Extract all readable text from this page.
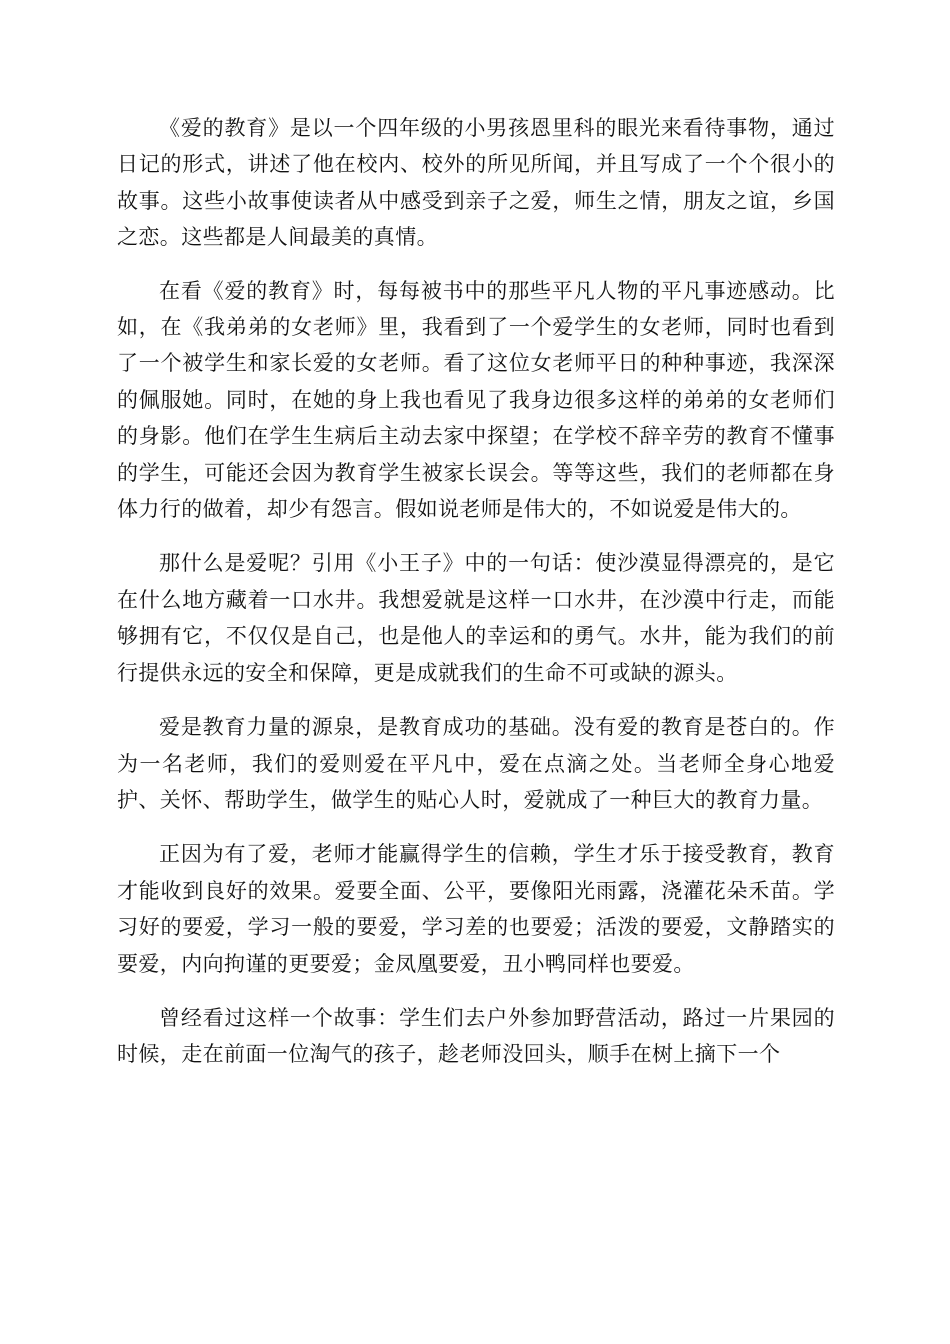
《爱的教育》是以一个四年级的小男孩恩里科的眼光来看待事物，通过日记的形式，讲述了他在校内、校外的所见所闻，并且写成了一个个很小的故事。这些小故事使读者从中感受到亲子之爱，师生之情，朋友之谊，乡国之恋。这些都是人间最美的真情。

在看《爱的教育》时，每每被书中的那些平凡人物的平凡事迹感动。比如，在《我弟弟的女老师》里，我看到了一个爱学生的女老师，同时也看到了一个被学生和家长爱的女老师。看了这位女老师平日的种种事迹，我深深的佩服她。同时，在她的身上我也看见了我身边很多这样的弟弟的女老师们的身影。他们在学生生病后主动去家中探望；在学校不辞辛劳的教育不懂事的学生，可能还会因为教育学生被家长误会。等等这些，我们的老师都在身体力行的做着，却少有怨言。假如说老师是伟大的，不如说爱是伟大的。

那什么是爱呢？引用《小王子》中的一句话：使沙漠显得漂亮的，是它在什么地方藏着一口水井。我想爱就是这样一口水井，在沙漠中行走，而能够拥有它，不仅仅是自己，也是他人的幸运和的勇气。水井，能为我们的前行提供永远的安全和保障，更是成就我们的生命不可或缺的源头。

爱是教育力量的源泉，是教育成功的基础。没有爱的教育是苍白的。作为一名老师，我们的爱则爱在平凡中，爱在点滴之处。当老师全身心地爱护、关怀、帮助学生，做学生的贴心人时，爱就成了一种巨大的教育力量。

正因为有了爱，老师才能赢得学生的信赖，学生才乐于接受教育，教育才能收到良好的效果。爱要全面、公平，要像阳光雨露，浇灌花朵禾苗。学习好的要爱，学习一般的要爱，学习差的也要爱；活泼的要爱，文静踏实的要爱，内向拘谨的更要爱；金凤凰要爱，丑小鸭同样也要爱。

曾经看过这样一个故事：学生们去户外参加野营活动，路过一片果园的时候，走在前面一位淘气的孩子，趁老师没回头，顺手在树上摘下一个
